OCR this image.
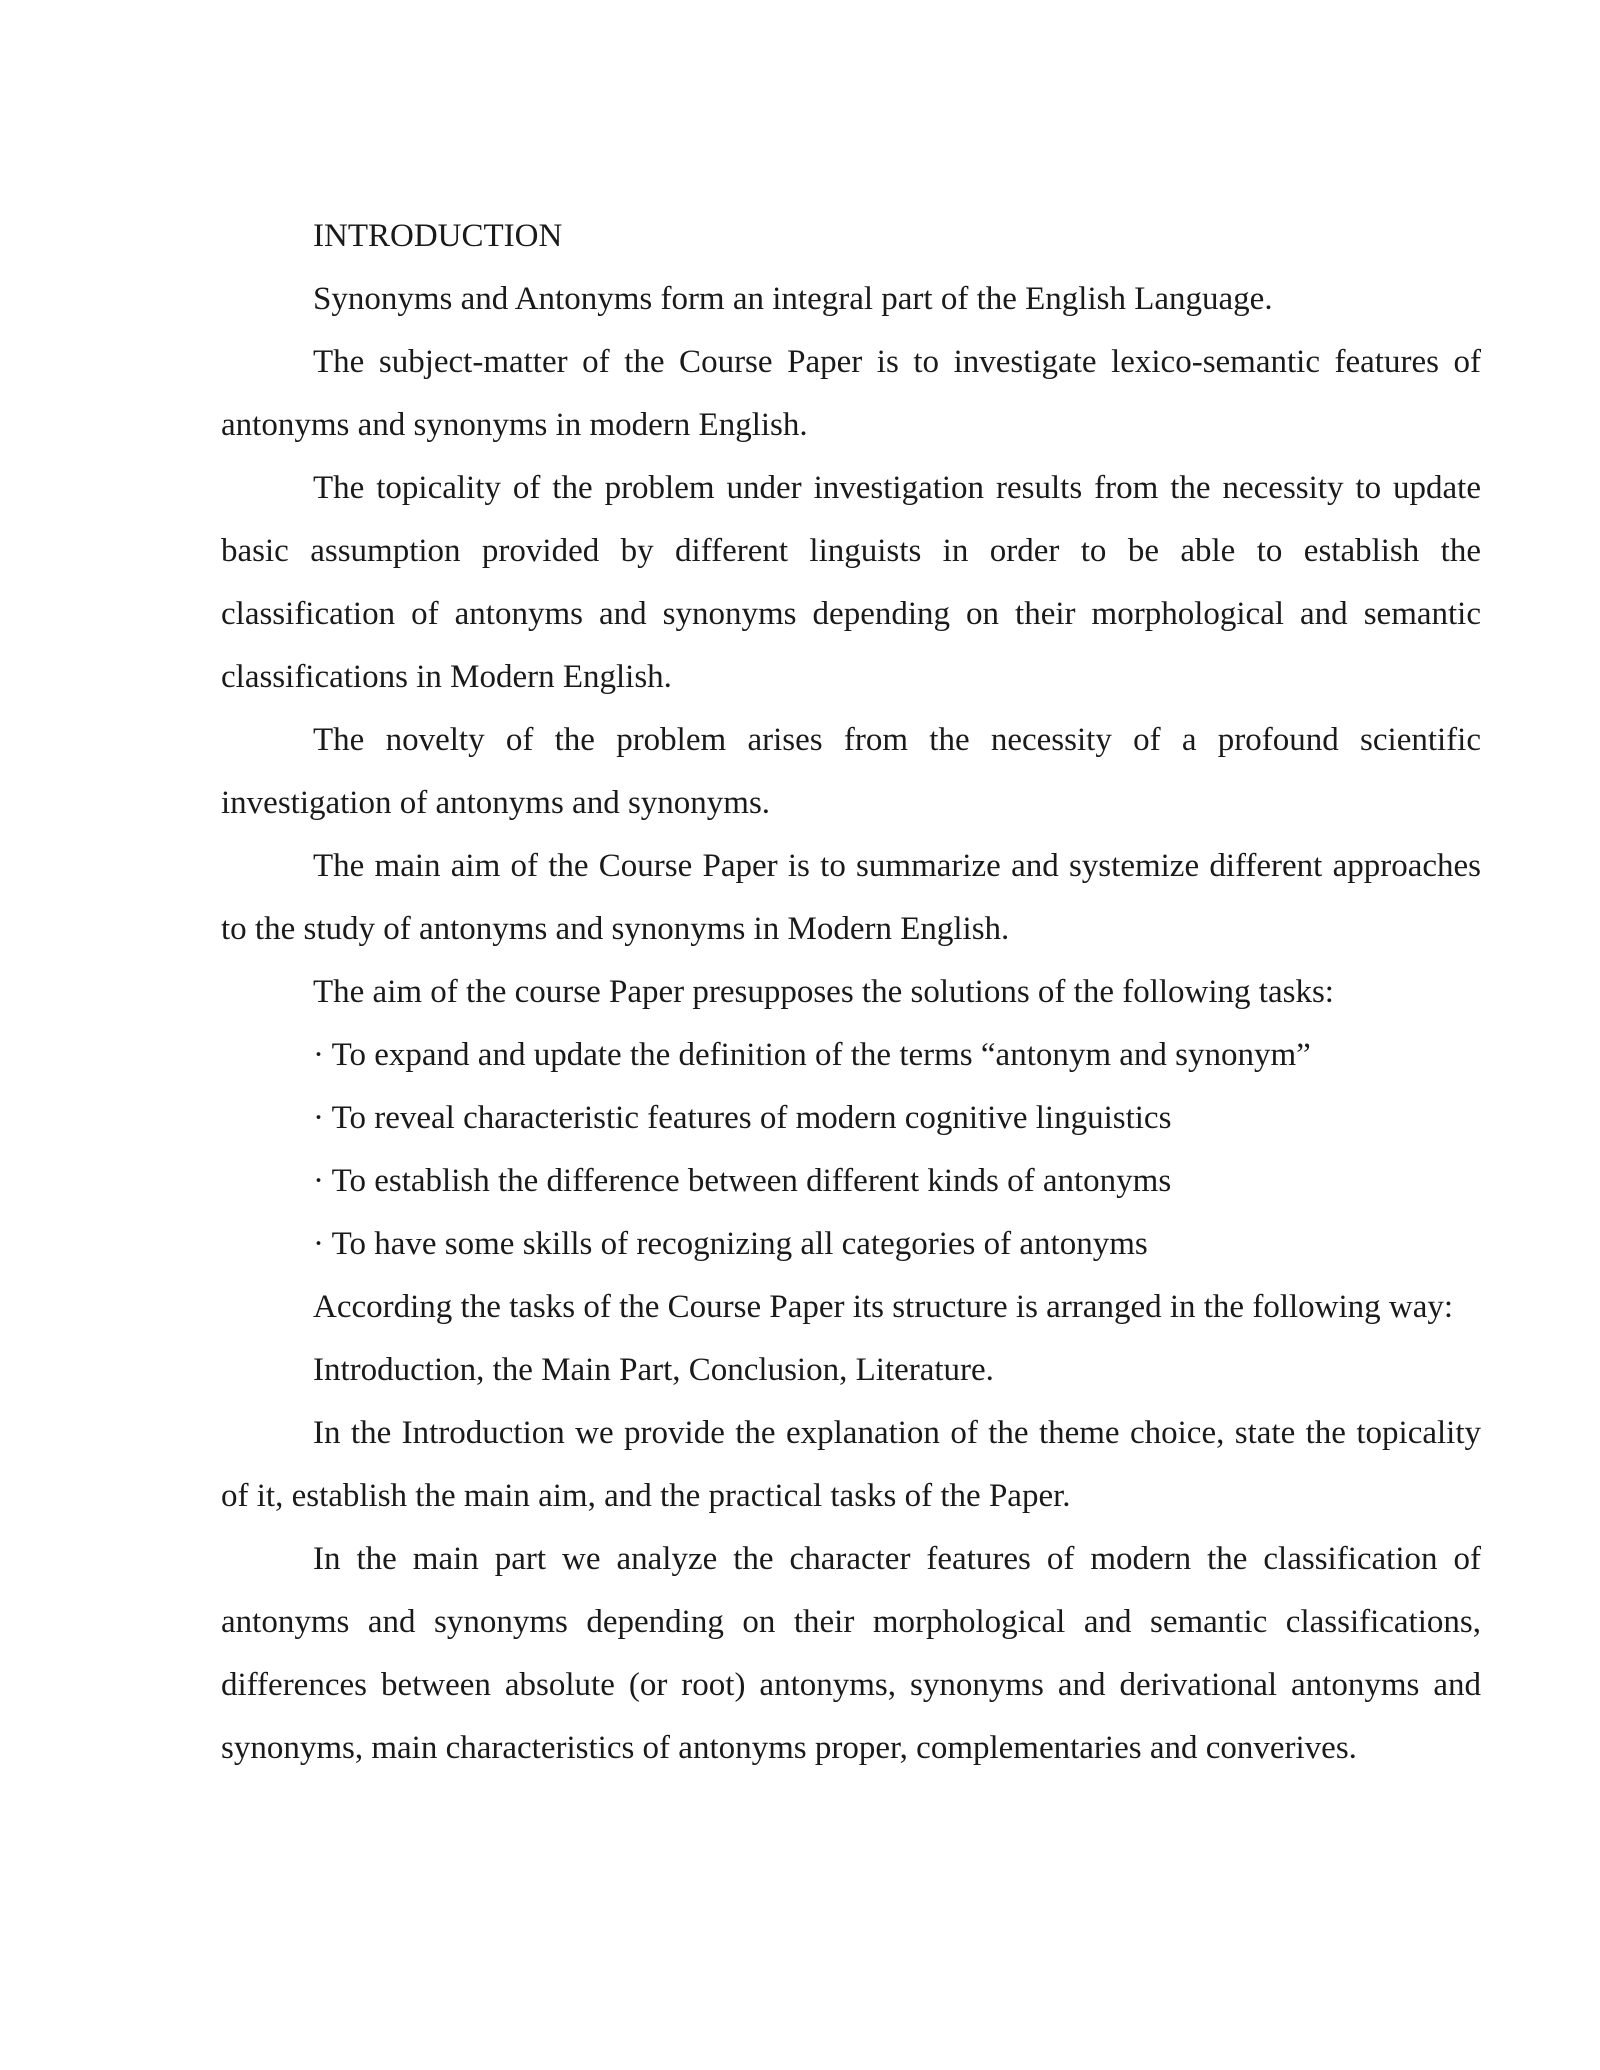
INTRODUCTION

Synonyms and Antonyms form an integral part of the English Language.

The subject-matter of the Course Paper is to investigate lexico-semantic features of antonyms and synonyms in modern English.

The topicality of the problem under investigation results from the necessity to update basic assumption provided by different linguists in order to be able to establish the classification of antonyms and synonyms depending on their morphological and semantic classifications in Modern English.

The novelty of the problem arises from the necessity of a profound scientific investigation of antonyms and synonyms.

The main aim of the Course Paper is to summarize and systemize different approaches to the study of antonyms and synonyms in Modern English.

The aim of the course Paper presupposes the solutions of the following tasks:

· To expand and update the definition of the terms “antonym and synonym”

· To reveal characteristic features of modern cognitive linguistics

· To establish the difference between different kinds of antonyms

· To have some skills of recognizing all categories of antonyms

According the tasks of the Course Paper its structure is arranged in the following way:

Introduction, the Main Part, Conclusion, Literature.

In the Introduction we provide the explanation of the theme choice, state the topicality of it, establish the main aim, and the practical tasks of the Paper.

In the main part we analyze the character features of modern the classification of antonyms and synonyms depending on their morphological and semantic classifications, differences between absolute (or root) antonyms, synonyms and derivational antonyms and synonyms, main characteristics of antonyms proper, complementaries and converives.
